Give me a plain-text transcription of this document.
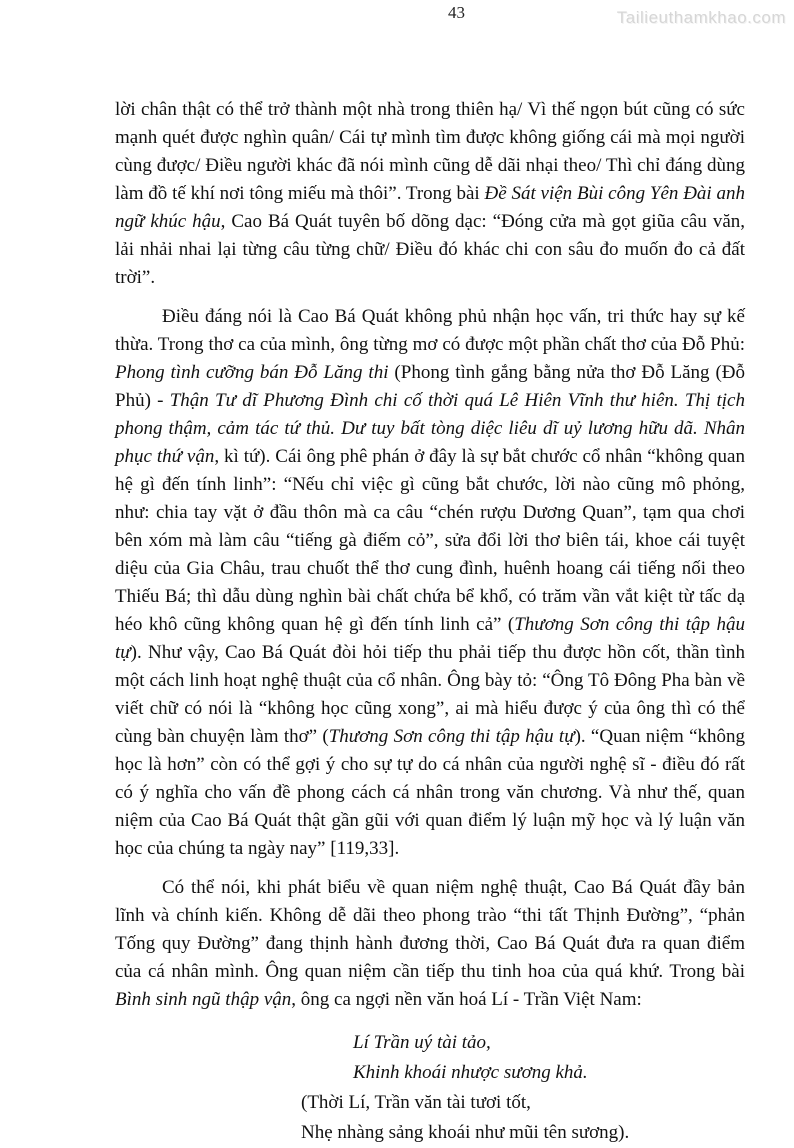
43	Tailieuthamkhao.com

lời chân thật có thể trở thành một nhà trong thiên hạ/ Vì thế ngọn bút cũng có sức mạnh quét được nghìn quân/ Cái tự mình tìm được không giống cái mà mọi người cùng được/ Điều người khác đã nói mình cũng dễ dãi nhại theo/ Thì chỉ đáng dùng làm đồ tế khí nơi tông miếu mà thôi”. Trong bài Đề Sát viện Bùi công Yên Đài anh ngữ khúc hậu, Cao Bá Quát tuyên bố dõng dạc: “Đóng cửa mà gọt giũa câu văn, lải nhải nhai lại từng câu từng chữ/ Điều đó khác chi con sâu đo muốn đo cả đất trời”.

Điều đáng nói là Cao Bá Quát không phủ nhận học vấn, tri thức hay sự kế thừa. Trong thơ ca của mình, ông từng mơ có được một phần chất thơ của Đỗ Phủ: Phong tình cưỡng bán Đỗ Lăng thi (Phong tình gắng bằng nửa thơ Đỗ Lăng (Đỗ Phủ) - Thận Tư dĩ Phương Đình chi cố thời quá Lê Hiên Vĩnh thư hiên. Thị tịch phong thậm, cảm tác tứ thủ. Dư tuy bất tòng diệc liêu dĩ uỷ lương hữu dã. Nhân phục thứ vận, kì tứ). Cái ông phê phán ở đây là sự bắt chước cổ nhân “không quan hệ gì đến tính linh”: “Nếu chỉ việc gì cũng bắt chước, lời nào cũng mô phỏng, như: chia tay vặt ở đầu thôn mà ca câu “chén rượu Dương Quan”, tạm qua chơi bên xóm mà làm câu “tiếng gà điếm cỏ”, sửa đổi lời thơ biên tái, khoe cái tuyệt diệu của Gia Châu, trau chuốt thể thơ cung đình, huênh hoang cái tiếng nối theo Thiếu Bá; thì dẫu dùng nghìn bài chất chứa bể khổ, có trăm vần vắt kiệt từ tấc dạ héo khô cũng không quan hệ gì đến tính linh cả” (Thương Sơn công thi tập hậu tự). Như vậy, Cao Bá Quát đòi hỏi tiếp thu phải tiếp thu được hồn cốt, thần tình một cách linh hoạt nghệ thuật của cổ nhân. Ông bày tỏ: “Ông Tô Đông Pha bàn về viết chữ có nói là “không học cũng xong”, ai mà hiểu được ý của ông thì có thể cùng bàn chuyện làm thơ” (Thương Sơn công thi tập hậu tự). “Quan niệm “không học là hơn” còn có thể gợi ý cho sự tự do cá nhân của người nghệ sĩ - điều đó rất có ý nghĩa cho vấn đề phong cách cá nhân trong văn chương. Và như thế, quan niệm của Cao Bá Quát thật gần gũi với quan điểm lý luận mỹ học và lý luận văn học của chúng ta ngày nay” [119,33].

Có thể nói, khi phát biểu về quan niệm nghệ thuật, Cao Bá Quát đầy bản lĩnh và chính kiến. Không dễ dãi theo phong trào “thi tất Thịnh Đường”, “phản Tống quy Đường” đang thịnh hành đương thời, Cao Bá Quát đưa ra quan điểm của cá nhân mình. Ông quan niệm cần tiếp thu tinh hoa của quá khứ. Trong bài Bình sinh ngũ thập vận, ông ca ngợi nền văn hoá Lí - Trần Việt Nam:

Lí Trần uý tài tảo,
Khinh khoái nhược sương khả.
(Thời Lí, Trần văn tài tươi tốt,
Nhẹ nhàng sảng khoái như mũi tên sương).
